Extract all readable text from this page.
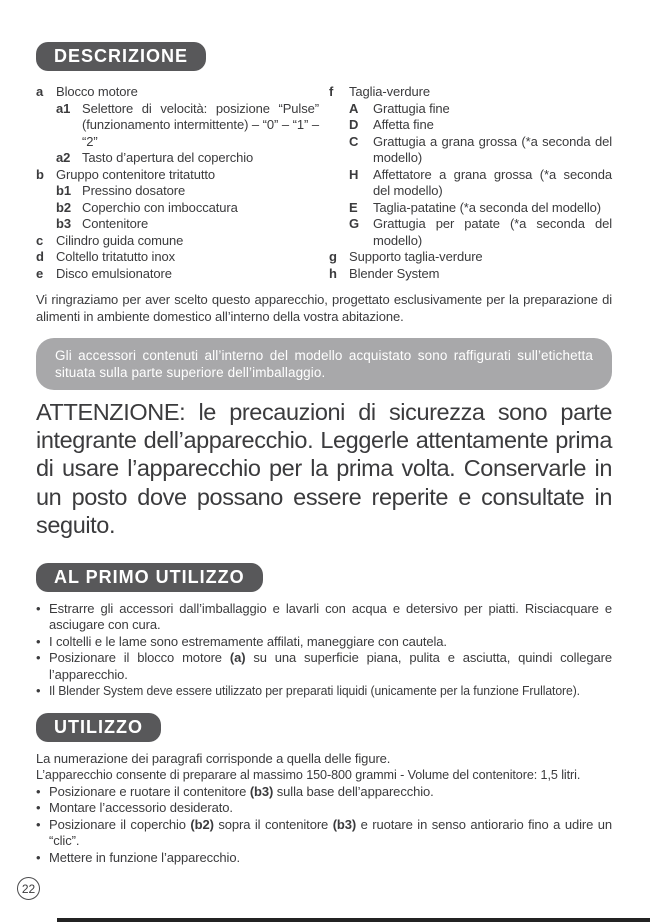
DESCRIZIONE
a Blocco motore
a1 Selettore di velocità: posizione “Pulse” (funzionamento intermittente) – “0” – “1” – “2”
a2 Tasto d’apertura del coperchio
b Gruppo contenitore tritatutto
b1 Pressino dosatore
b2 Coperchio con imboccatura
b3 Contenitore
c Cilindro guida comune
d Coltello tritatutto inox
e Disco emulsionatore
f	Taglia-verdure
A	Grattugia fine
D	Affetta fine
C	Grattugia a grana grossa (*a seconda del modello)
H	Affettatore a grana grossa (*a seconda del modello)
E	Taglia-patatine (*a seconda del modello)
G	Grattugia per patate (*a seconda del modello)
g Supporto taglia-verdure
h Blender System

Vi ringraziamo per aver scelto questo apparecchio, progettato esclusivamente per la preparazione di alimenti in ambiente domestico all’interno della vostra abitazione.

Gli accessori contenuti all’interno del modello acquistato sono raffigurati sull’etichetta situata sulla parte superiore dell’imballaggio.

ATTENZIONE: le precauzioni di sicurezza sono parte integrante dell’apparecchio. Leggerle attentamente prima di usare l’apparecchio per la prima volta. Conservarle in un posto dove possano essere reperite e consultate in seguito.

AL PRIMO UTILIZZO
• Estrarre gli accessori dall’imballaggio e lavarli con acqua e detersivo per piatti. Risciacquare e asciugare con cura.
• I coltelli e le lame sono estremamente affilati, maneggiare con cautela.
• Posizionare il blocco motore (a) su una superficie piana, pulita e asciutta, quindi collegare l’apparecchio.
• Il Blender System deve essere utilizzato per preparati liquidi (unicamente per la funzione Frullatore).
UTILIZZO
La numerazione dei paragrafi corrisponde a quella delle figure.
L’apparecchio consente di preparare al massimo 150-800 grammi - Volume del contenitore: 1,5 litri.
• Posizionare e ruotare il contenitore (b3) sulla base dell’apparecchio.
• Montare l’accessorio desiderato.
• Posizionare il coperchio (b2) sopra il contenitore (b3) e ruotare in senso antiorario fino a udire un “clic”.
• Mettere in funzione l’apparecchio.
22
